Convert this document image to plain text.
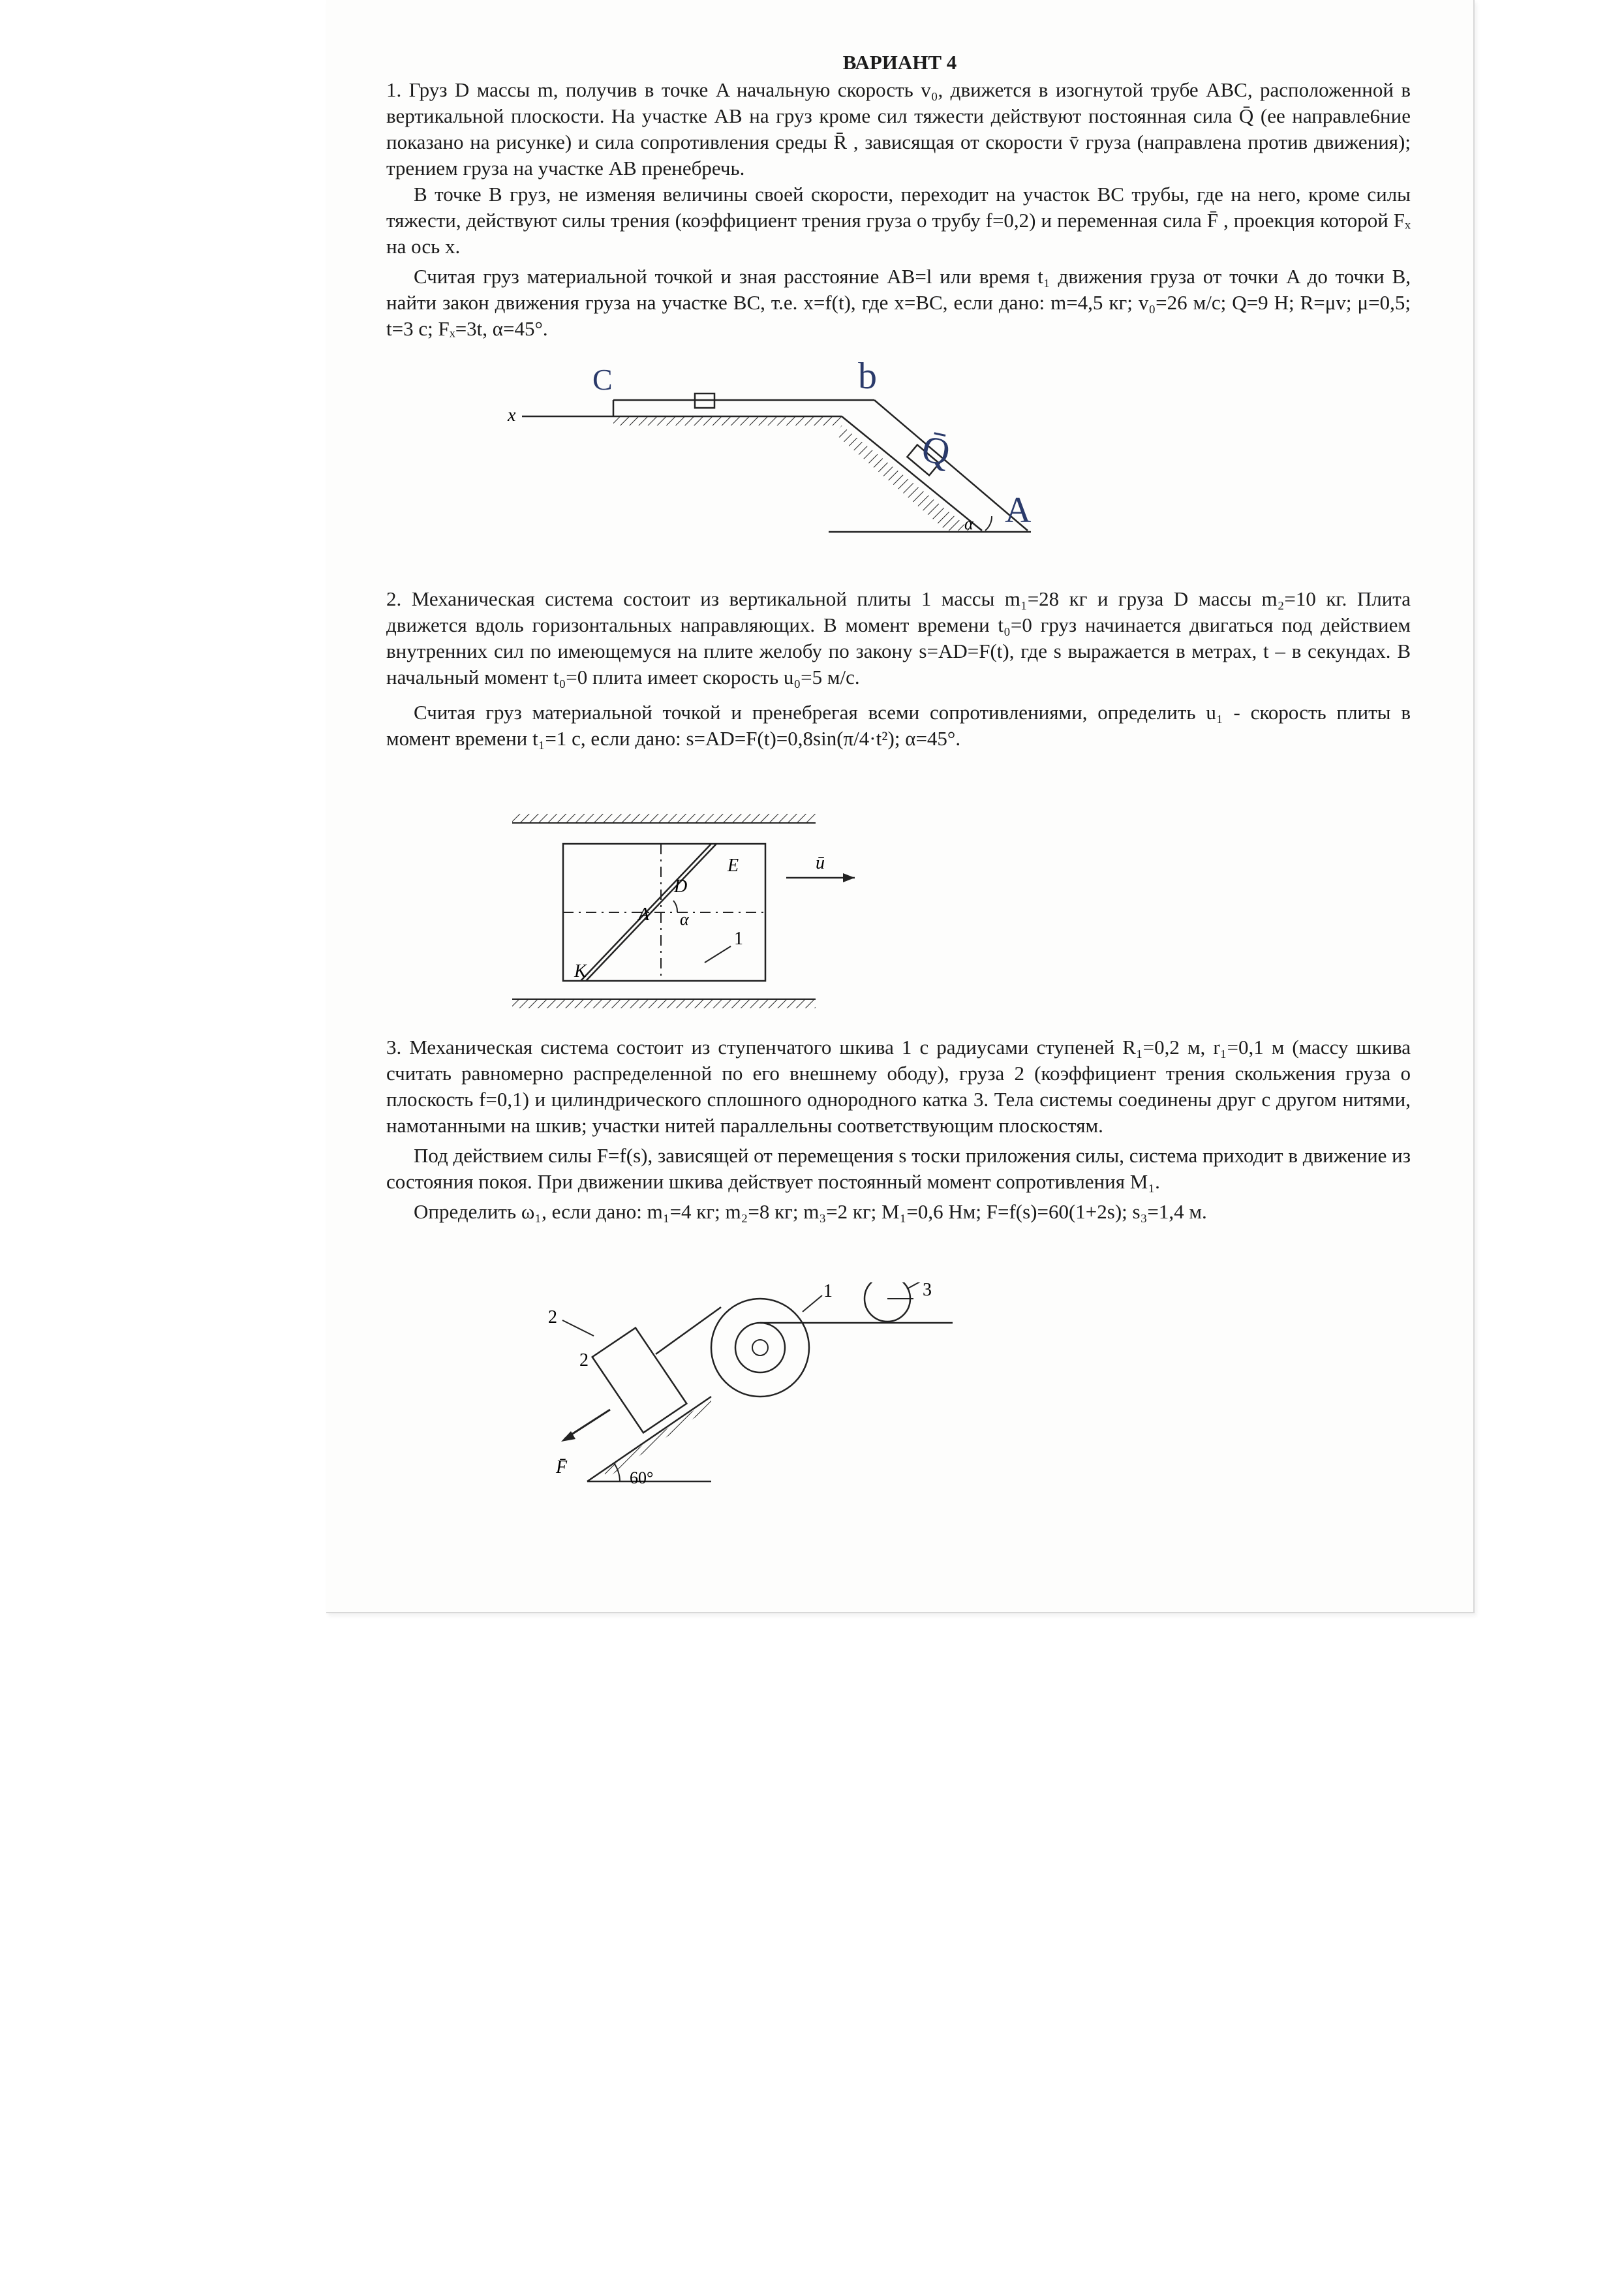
ВАРИАНТ 4

1. Груз D массы m, получив в точке A начальную скорость v₀, движется в изогнутой трубе ABC, расположенной в вертикальной плоскости. На участке AB на груз кроме сил тяжести действуют постоянная сила Q̄ (ее направле6ние показано на рисунке) и сила сопротивления среды R̄ , зависящая от скорости v̄ груза (направлена против движения); трением груза на участке AB пренебречь.

В точке B груз, не изменяя величины своей скорости, переходит на участок BC трубы, где на него, кроме силы тяжести, действуют силы трения (коэффициент трения груза о трубу f=0,2) и переменная сила F̄ , проекция которой Fₓ на ось x.

Считая груз материальной точкой и зная расстояние AB=l или время t₁ движения груза от точки A до точки B, найти закон движения груза на участке BC, т.е. x=f(t), где x=BC, если дано: m=4,5 кг; v₀=26 м/с; Q=9 Н; R=μv; μ=0,5; t=3 с; Fₓ=3t, α=45°.

x
α
C	b
Q̄
A

2. Механическая система состоит из вертикальной плиты 1 массы m₁=28 кг и груза D массы m₂=10 кг. Плита движется вдоль горизонтальных направляющих. В момент времени t₀=0 груз начинается двигаться под действием внутренних сил по имеющемуся на плите желобу по закону s=AD=F(t), где s выражается в метрах, t – в секундах. В начальный момент t₀=0 плита имеет скорость u₀=5 м/с.

Считая груз материальной точкой и пренебрегая всеми сопротивлениями, определить u₁ - скорость плиты в момент времени t₁=1 с, если дано: s=AD=F(t)=0,8sin(π/4·t²); α=45°.

ū
E
D
A α
K
1

3. Механическая система состоит из ступенчатого шкива 1 с радиусами ступеней R₁=0,2 м, r₁=0,1 м (массу шкива считать равномерно распределенной по его внешнему ободу), груза 2 (коэффициент трения скольжения груза о плоскость f=0,1) и цилиндрического сплошного однородного катка 3. Тела системы соединены друг с другом нитями, намотанными на шкив; участки нитей параллельны соответствующим плоскостям.

Под действием силы F=f(s), зависящей от перемещения s тоски приложения силы, система приходит в движение из состояния покоя. При движении шкива действует постоянный момент сопротивления M₁.

Определить ω₁, если дано: m₁=4 кг; m₂=8 кг; m₃=2 кг; M₁=0,6 Нм; F=f(s)=60(1+2s); s₃=1,4 м.

60°
1	3
2
2
F̄
